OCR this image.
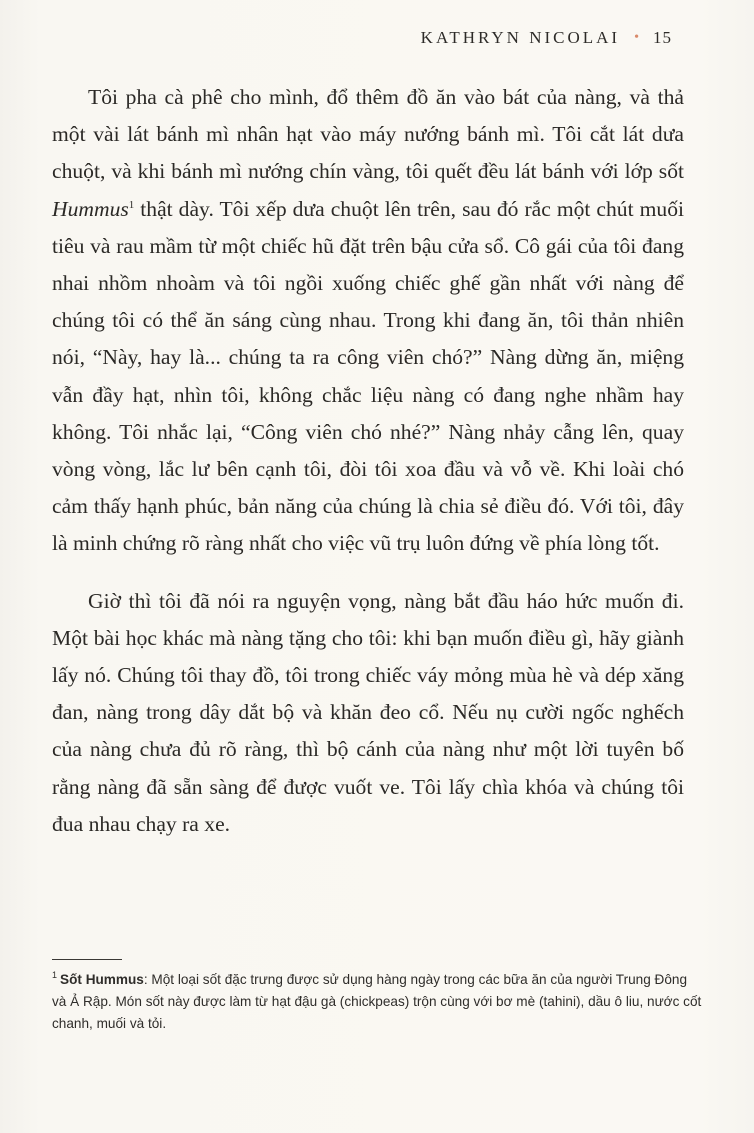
KATHRYN NICOLAI • 15

Tôi pha cà phê cho mình, đổ thêm đồ ăn vào bát của nàng, và thả một vài lát bánh mì nhân hạt vào máy nướng bánh mì. Tôi cắt lát dưa chuột, và khi bánh mì nướng chín vàng, tôi quết đều lát bánh với lớp sốt Hummus$^1$ thật dày. Tôi xếp dưa chuột lên trên, sau đó rắc một chút muối tiêu và rau mầm từ một chiếc hũ đặt trên bậu cửa sổ. Cô gái của tôi đang nhai nhồm nhoàm và tôi ngồi xuống chiếc ghế gần nhất với nàng để chúng tôi có thể ăn sáng cùng nhau. Trong khi đang ăn, tôi thản nhiên nói, “Này, hay là... chúng ta ra công viên chó?” Nàng dừng ăn, miệng vẫn đầy hạt, nhìn tôi, không chắc liệu nàng có đang nghe nhầm hay không. Tôi nhắc lại, “Công viên chó nhé?” Nàng nhảy cẫng lên, quay vòng vòng, lắc lư bên cạnh tôi, đòi tôi xoa đầu và vỗ về. Khi loài chó cảm thấy hạnh phúc, bản năng của chúng là chia sẻ điều đó. Với tôi, đây là minh chứng rõ ràng nhất cho việc vũ trụ luôn đứng về phía lòng tốt.

Giờ thì tôi đã nói ra nguyện vọng, nàng bắt đầu háo hức muốn đi. Một bài học khác mà nàng tặng cho tôi: khi bạn muốn điều gì, hãy giành lấy nó. Chúng tôi thay đồ, tôi trong chiếc váy mỏng mùa hè và dép xăng đan, nàng trong dây dắt bộ và khăn đeo cổ. Nếu nụ cười ngốc nghếch của nàng chưa đủ rõ ràng, thì bộ cánh của nàng như một lời tuyên bố rằng nàng đã sẵn sàng để được vuốt ve. Tôi lấy chìa khóa và chúng tôi đua nhau chạy ra xe.

$^1$ Sốt Hummus: Một loại sốt đặc trưng được sử dụng hàng ngày trong các bữa ăn của người Trung Đông và Ả Rập. Món sốt này được làm từ hạt đậu gà (chickpeas) trộn cùng với bơ mè (tahini), dầu ô liu, nước cốt chanh, muối và tỏi.
